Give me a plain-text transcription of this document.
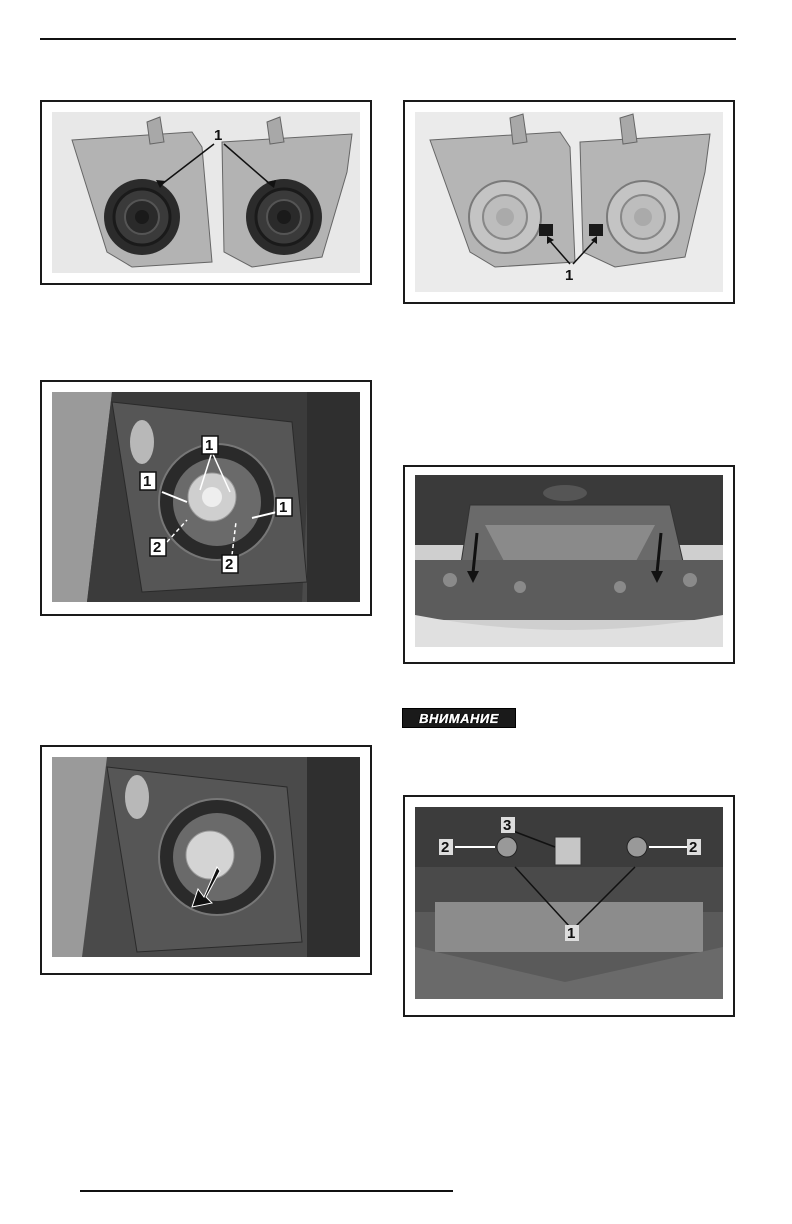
1
1
1
1
2
2
1
ВНИМАНИЕ
3
2	2
1
